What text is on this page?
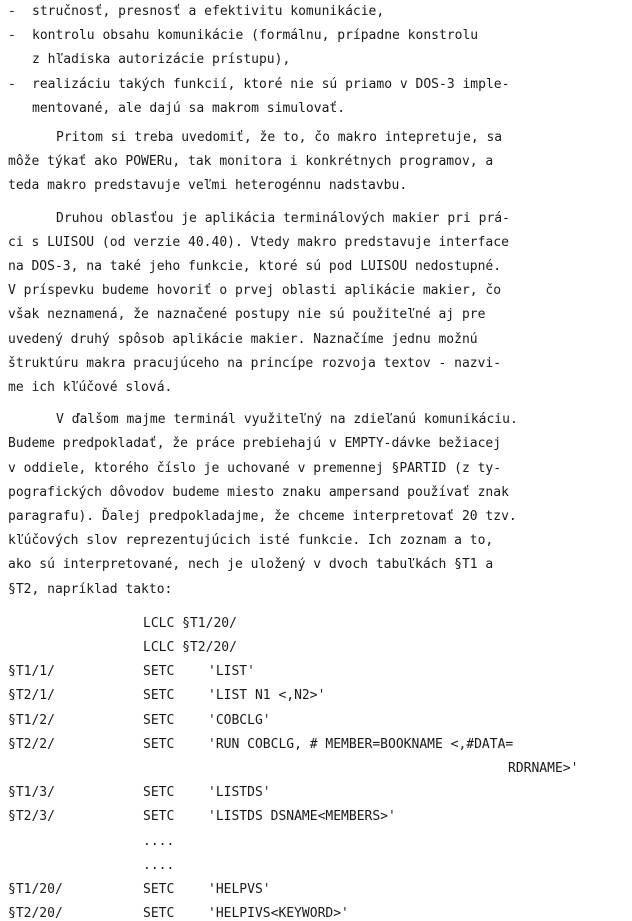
- stručnosť, presnosť a efektivitu komunikácie,
- kontrolu obsahu komunikácie (formálnu, prípadne konstrolu
z hľadiska autorizácie prístupu),
- realizáciu takých funkcií, ktoré nie sú priamo v DOS-3 imple-
mentované, ale dajú sa makrom simulovať.
Pritom si treba uvedomiť, že to, čo makro intepretuje, sa
môže týkať ako POWERu, tak monitora i konkrétnych programov, a
teda makro predstavuje veľmi heterogénnu nadstavbu.
Druhou oblasťou je aplikácia terminálových makier pri prá-
ci s LUISOU (od verzie 40.40). Vtedy makro predstavuje interface
na DOS-3, na také jeho funkcie, ktoré sú pod LUISOU nedostupné.
V príspevku budeme hovoriť o prvej oblasti aplikácie makier, čo
však neznamená, že naznačené postupy nie sú použiteľné aj pre
uvedený druhý spôsob aplikácie makier. Naznačíme jednu možnú
štruktúru makra pracujúceho na princípe rozvoja textov - nazvi-
me ich kľúčové slová.
V ďalšom majme terminál využiteľný na zdieľanú komunikáciu.
Budeme predpokladať, že práce prebiehajú v EMPTY-dávke bežiacej
v oddiele, ktorého číslo je uchované v premennej §PARTID (z ty-
pografických dôvodov budeme miesto znaku ampersand používať znak
paragrafu). Ďalej predpokladajme, že chceme interpretovať 20 tzv.
kľúčových slov reprezentujúcich isté funkcie. Ich zoznam a to,
ako sú interpretované, nech je uložený v dvoch tabuľkách §T1 a
§T2, napríklad takto:
LCLC §T1/20/
LCLC §T2/20/
§T1/1/	SETC	'LIST'
§T2/1/	SETC	'LIST N1 <,N2>'
§T1/2/	SETC	'COBCLG'
§T2/2/	SETC	'RUN COBCLG, # MEMBER=BOOKNAME <,#DATA=
RDRNAME>'
§T1/3/	SETC	'LISTDS'
§T2/3/	SETC	'LISTDS DSNAME<MEMBERS>'
....
....
§T1/20/	SETC	'HELPVS'
§T2/20/	SETC	'HELPIVS<KEYWORD>'
